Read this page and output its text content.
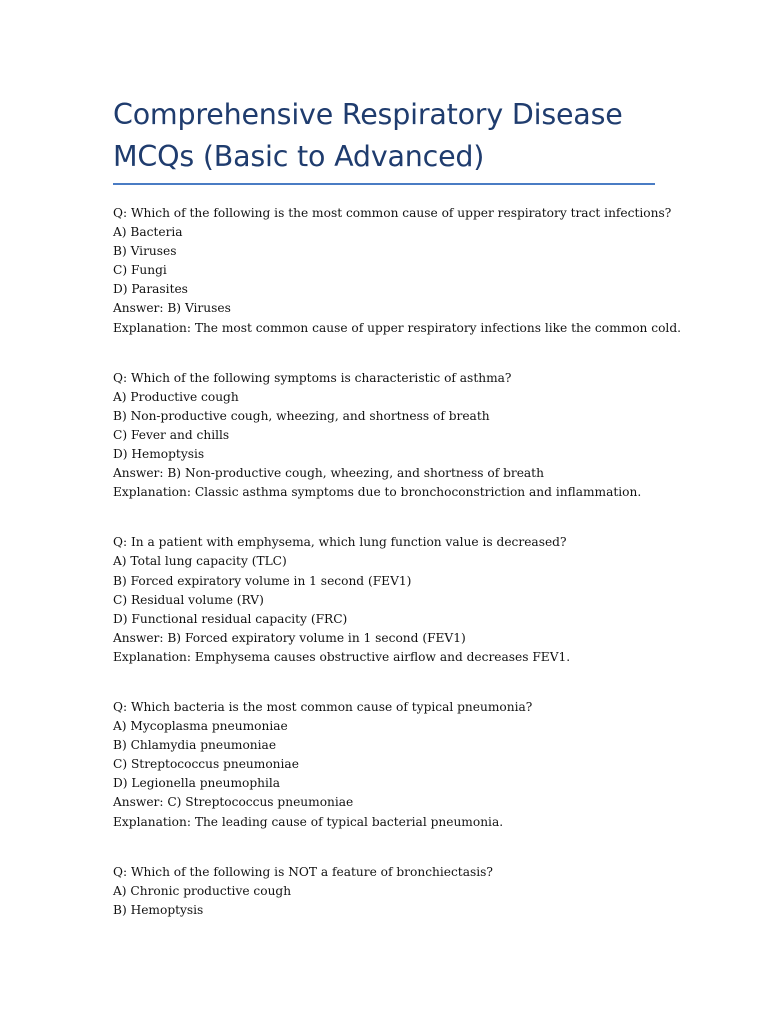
Comprehensive Respiratory Disease
MCQs (Basic to Advanced)

Q: Which of the following is the most common cause of upper respiratory tract infections?

A) Bacteria

B) Viruses

C) Fungi

D) Parasites

Answer: B) Viruses

Explanation: The most common cause of upper respiratory infections like the common cold.

Q: Which of the following symptoms is characteristic of asthma?

A) Productive cough

B) Non-productive cough, wheezing, and shortness of breath

C) Fever and chills

D) Hemoptysis

Answer: B) Non-productive cough, wheezing, and shortness of breath

Explanation: Classic asthma symptoms due to bronchoconstriction and inflammation.

Q: In a patient with emphysema, which lung function value is decreased?

A) Total lung capacity (TLC)

B) Forced expiratory volume in 1 second (FEV1)

C) Residual volume (RV)

D) Functional residual capacity (FRC)

Answer: B) Forced expiratory volume in 1 second (FEV1)

Explanation: Emphysema causes obstructive airflow and decreases FEV1.

Q: Which bacteria is the most common cause of typical pneumonia?

A) Mycoplasma pneumoniae

B) Chlamydia pneumoniae

C) Streptococcus pneumoniae

D) Legionella pneumophila

Answer: C) Streptococcus pneumoniae

Explanation: The leading cause of typical bacterial pneumonia.

Q: Which of the following is NOT a feature of bronchiectasis?

A) Chronic productive cough

B) Hemoptysis
